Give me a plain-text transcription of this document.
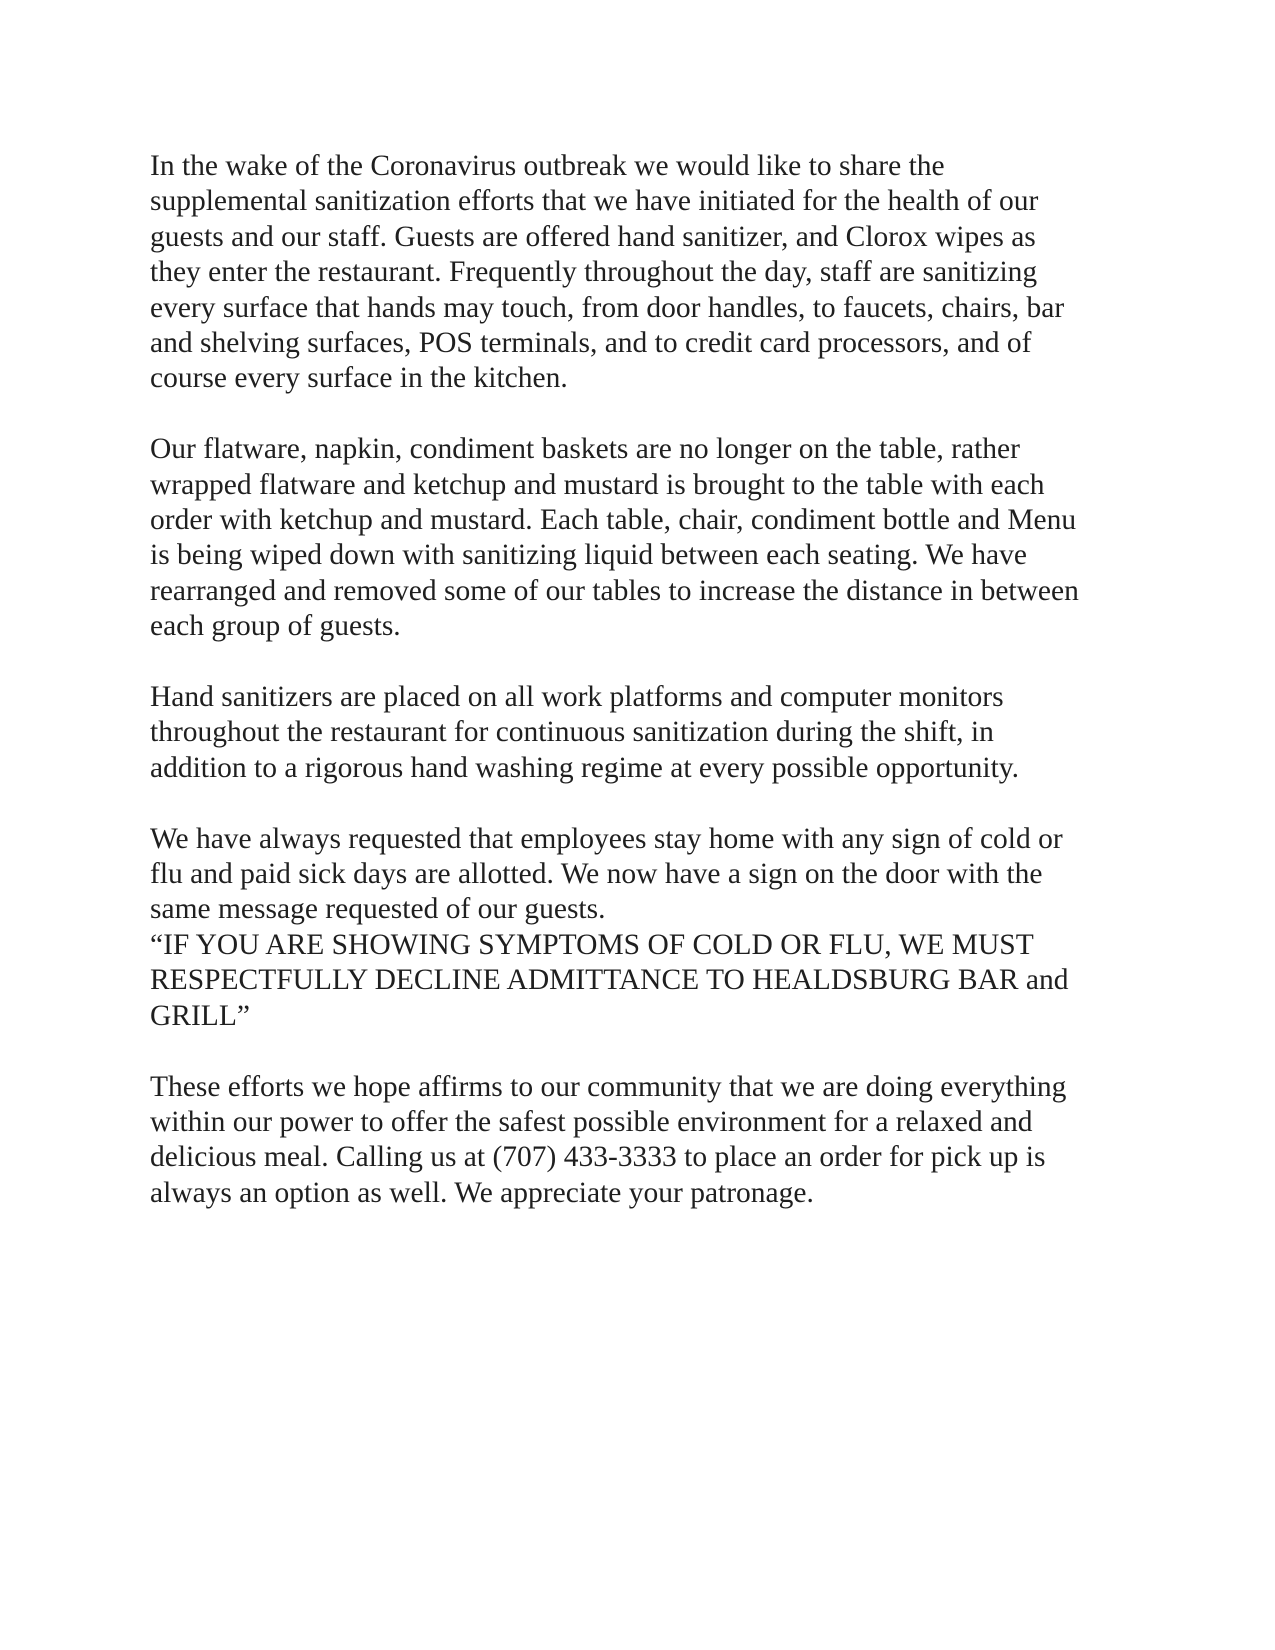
In the wake of the Coronavirus outbreak we would like to share the
supplemental sanitization efforts that we have initiated for the health of our
guests and our staff. Guests are offered hand sanitizer, and Clorox wipes as
they enter the restaurant. Frequently throughout the day, staff are sanitizing
every surface that hands may touch, from door handles, to faucets, chairs, bar
and shelving surfaces, POS terminals, and to credit card processors, and of
course every surface in the kitchen.

Our flatware, napkin, condiment baskets are no longer on the table, rather
wrapped flatware and ketchup and mustard is brought to the table with each
order with ketchup and mustard. Each table, chair, condiment bottle and Menu
is being wiped down with sanitizing liquid between each seating. We have
rearranged and removed some of our tables to increase the distance in between
each group of guests.

Hand sanitizers are placed on all work platforms and computer monitors
throughout the restaurant for continuous sanitization during the shift, in
addition to a rigorous hand washing regime at every possible opportunity.

We have always requested that employees stay home with any sign of cold or
flu and paid sick days are allotted. We now have a sign on the door with the
same message requested of our guests.
“IF YOU ARE SHOWING SYMPTOMS OF COLD OR FLU, WE MUST
RESPECTFULLY DECLINE ADMITTANCE TO HEALDSBURG BAR and
GRILL”

These efforts we hope affirms to our community that we are doing everything
within our power to offer the safest possible environment for a relaxed and
delicious meal. Calling us at (707) 433-3333 to place an order for pick up is
always an option as well. We appreciate your patronage.
